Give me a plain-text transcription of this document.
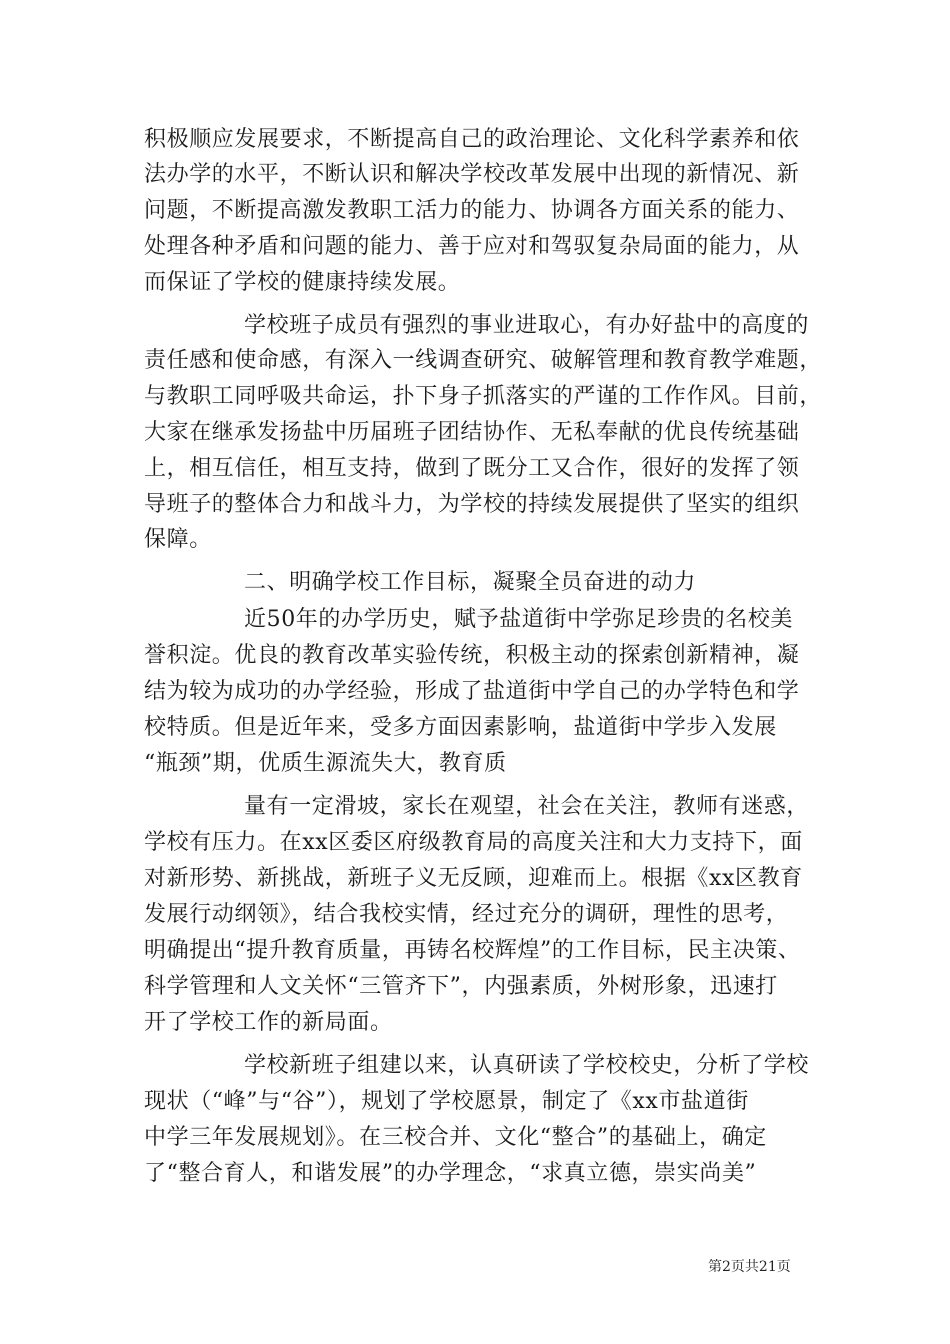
积极顺应发展要求，不断提高自己的政治理论、文化科学素养和依
法办学的水平，不断认识和解决学校改革发展中出现的新情况、新
问题，不断提高激发教职工活力的能力、协调各方面关系的能力、
处理各种矛盾和问题的能力、善于应对和驾驭复杂局面的能力，从
而保证了学校的健康持续发展。
学校班子成员有强烈的事业进取心，有办好盐中的高度的
责任感和使命感，有深入一线调查研究、破解管理和教育教学难题，
与教职工同呼吸共命运，扑下身子抓落实的严谨的工作作风。目前，
大家在继承发扬盐中历届班子团结协作、无私奉献的优良传统基础
上，相互信任，相互支持，做到了既分工又合作，很好的发挥了领
导班子的整体合力和战斗力，为学校的持续发展提供了坚实的组织
保障。
二、明确学校工作目标，凝聚全员奋进的动力
近50年的办学历史，赋予盐道街中学弥足珍贵的名校美
誉积淀。优良的教育改革实验传统，积极主动的探索创新精神，凝
结为较为成功的办学经验，形成了盐道街中学自己的办学特色和学
校特质。但是近年来，受多方面因素影响，盐道街中学步入发展
“瓶颈”期，优质生源流失大，教育质
量有一定滑坡，家长在观望，社会在关注，教师有迷惑，
学校有压力。在xx区委区府级教育局的高度关注和大力支持下，面
对新形势、新挑战，新班子义无反顾，迎难而上。根据《xx区教育
发展行动纲领》，结合我校实情，经过充分的调研，理性的思考，
明确提出“提升教育质量，再铸名校辉煌”的工作目标，民主决策、
科学管理和人文关怀“三管齐下”，内强素质，外树形象，迅速打
开了学校工作的新局面。
学校新班子组建以来，认真研读了学校校史，分析了学校
现状（“峰”与“谷”），规划了学校愿景，制定了《xx市盐道街
中学三年发展规划》。在三校合并、文化“整合”的基础上，确定
了“整合育人，和谐发展”的办学理念，“求真立德，崇实尚美”
第2页共21页
